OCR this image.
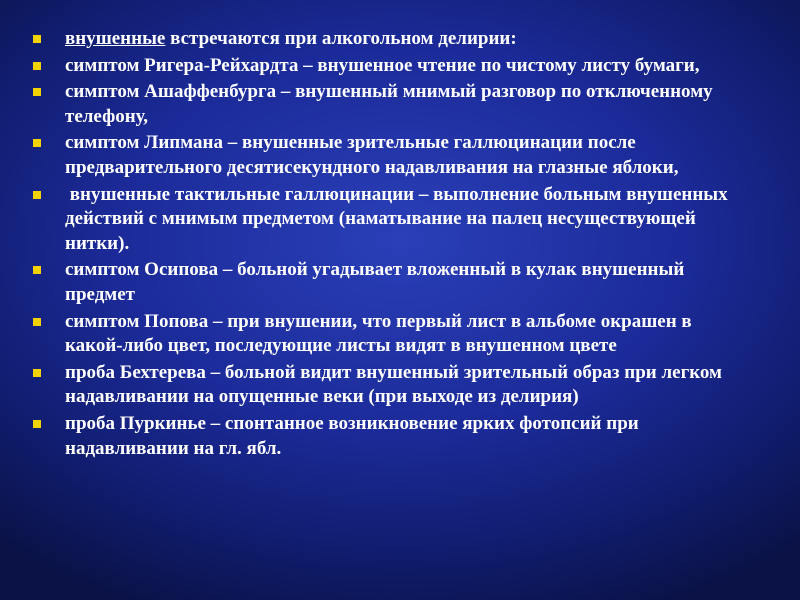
внушенные встречаются при алкогольном делирии:
симптом Ригера-Рейхардта – внушенное чтение по чистому листу бумаги,
симптом Ашаффенбурга – внушенный мнимый разговор по отключенному телефону,
симптом Липмана – внушенные зрительные галлюцинации после предварительного десятисекундного надавливания на глазные яблоки,
внушенные тактильные галлюцинации – выполнение больным внушенных действий с мнимым предметом (наматывание на палец несуществующей нитки).
симптом Осипова – больной угадывает вложенный в кулак внушенный предмет
симптом Попова – при внушении, что первый лист в альбоме окрашен в какой-либо цвет, последующие листы видят в внушенном цвете
проба Бехтерева – больной видит внушенный зрительный образ при легком надавливании на опущенные веки (при выходе из делирия)
проба Пуркинье – спонтанное возникновение ярких фотопсий при надавливании на гл. ябл.
